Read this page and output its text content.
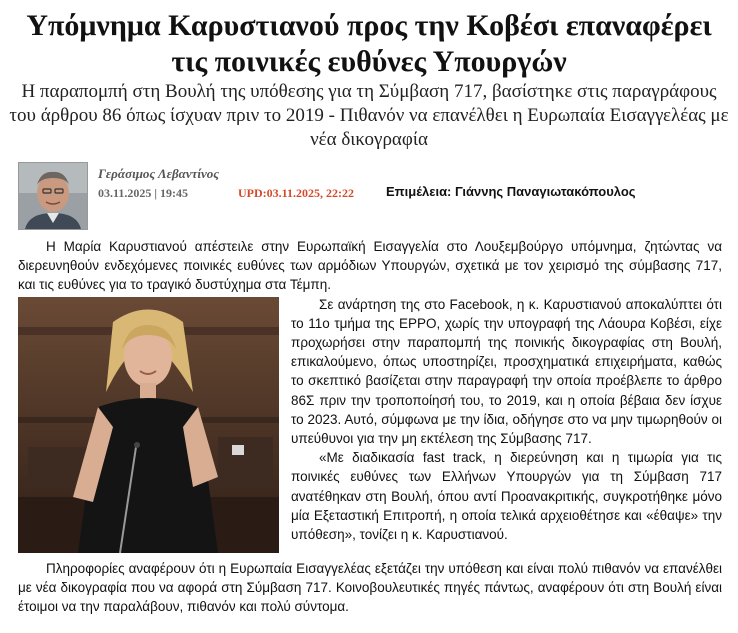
Υπόμνημα Καρυστιανού προς την Κοβέσι επαναφέρει τις ποινικές ευθύνες Υπουργών
Η παραπομπή στη Βουλή της υπόθεσης για τη Σύμβαση 717, βασίστηκε στις παραγράφους του άρθρου 86 όπως ίσχυαν πριν το 2019 - Πιθανόν να επανέλθει η Ευρωπαία Εισαγγελέας με νέα δικογραφία
Γεράσιμος Λεβαντίνος
03.11.2025 | 19:45	UPD:03.11.2025, 22:22 Επιμέλεια: Γιάννης Παναγιωτακόπουλος

Η Μαρία Καρυστιανού απέστειλε στην Ευρωπαϊκή Εισαγγελία στο Λουξεμβούργο υπόμνημα, ζητώντας να διερευνηθούν ενδεχόμενες ποινικές ευθύνες των αρμόδιων Υπουργών, σχετικά με τον χειρισμό της σύμβασης 717, και τις ευθύνες για το τραγικό δυστύχημα στα Τέμπη.

Σε ανάρτηση της στο Facebook, η κ. Καρυστιανού αποκαλύπτει ότι το 11ο τμήμα της EPPO, χωρίς την υπογραφή της Λάουρα Κοβέσι, είχε προχωρήσει στην παραπομπή της ποινικής δικογραφίας στη Βουλή, επικαλούμενο, όπως υποστηρίζει, προσχηματικά επιχειρήματα, καθώς το σκεπτικό βασίζεται στην παραγραφή την οποία προέβλεπε το άρθρο 86Σ πριν την τροποποίησή του, το 2019, και η οποία βέβαια δεν ίσχυε το 2023. Αυτό, σύμφωνα με την ίδια, οδήγησε στο να μην τιμωρηθούν οι υπεύθυνοι για την μη εκτέλεση της Σύμβασης 717.

«Με διαδικασία fast track, η διερεύνηση και η τιμωρία για τις ποινικές ευθύνες των Ελλήνων Υπουργών για τη Σύμβαση 717 ανατέθηκαν στη Βουλή, όπου αντί Προανακριτικής, συγκροτήθηκε μόνο μία Εξεταστική Επιτροπή, η οποία τελικά αρχειοθέτησε και «έθαψε» την υπόθεση», τονίζει η κ. Καρυστιανού.

Πληροφορίες αναφέρουν ότι η Ευρωπαία Εισαγγελέας εξετάζει την υπόθεση και είναι πολύ πιθανόν να επανέλθει με νέα δικογραφία που να αφορά στη Σύμβαση 717. Κοινοβουλευτικές πηγές πάντως, αναφέρουν ότι στη Βουλή είναι έτοιμοι να την παραλάβουν, πιθανόν και πολύ σύντομα.
